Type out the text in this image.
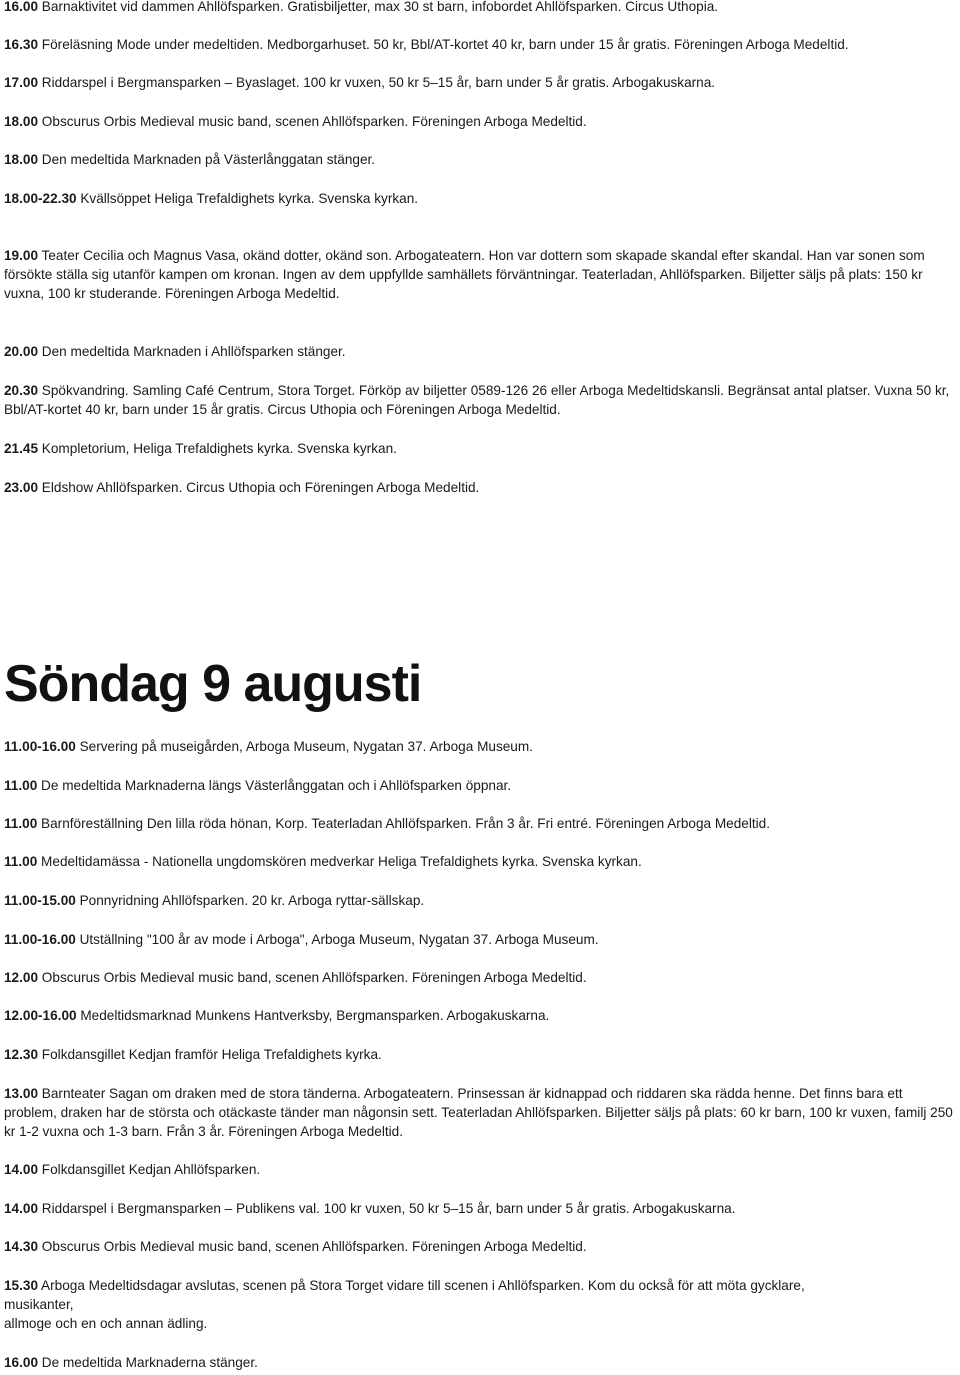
16.00 Barnaktivitet vid dammen Ahllöfsparken. Gratisbiljetter, max 30 st barn, infobordet Ahllöfsparken. Circus Uthopia.

16.30 Föreläsning Mode under medeltiden. Medborgarhuset. 50 kr, Bbl/AT-kortet 40 kr, barn under 15 år gratis. Föreningen Arboga Medeltid.

17.00 Riddarspel i Bergmansparken – Byaslaget. 100 kr vuxen, 50 kr 5–15 år, barn under 5 år gratis. Arbogakuskarna.

18.00 Obscurus Orbis Medieval music band, scenen Ahllöfsparken. Föreningen Arboga Medeltid.

18.00 Den medeltida Marknaden på Västerlånggatan stänger.

18.00-22.30 Kvällsöppet Heliga Trefaldighets kyrka. Svenska kyrkan.

19.00 Teater Cecilia och Magnus Vasa, okänd dotter, okänd son. Arbogateatern. Hon var dottern som skapade skandal efter skandal. Han var sonen som försökte ställa sig utanför kampen om kronan. Ingen av dem uppfyllde samhällets förväntningar. Teaterladan, Ahllöfsparken. Biljetter säljs på plats: 150 kr vuxna, 100 kr studerande. Föreningen Arboga Medeltid.

20.00 Den medeltida Marknaden i Ahllöfsparken stänger.

20.30 Spökvandring. Samling Café Centrum, Stora Torget. Förköp av biljetter 0589-126 26 eller Arboga Medeltidskansli. Begränsat antal platser. Vuxna 50 kr, Bbl/AT-kortet 40 kr, barn under 15 år gratis. Circus Uthopia och Föreningen Arboga Medeltid.

21.45 Kompletorium, Heliga Trefaldighets kyrka. Svenska kyrkan.

23.00 Eldshow Ahllöfsparken. Circus Uthopia och Föreningen Arboga Medeltid.

Söndag 9 augusti

11.00-16.00 Servering på museigården, Arboga Museum, Nygatan 37. Arboga Museum.

11.00 De medeltida Marknaderna längs Västerlånggatan och i Ahllöfsparken öppnar.

11.00 Barnföreställning Den lilla röda hönan, Korp. Teaterladan Ahllöfsparken. Från 3 år. Fri entré. Föreningen Arboga Medeltid.

11.00 Medeltidamässa - Nationella ungdomskören medverkar Heliga Trefaldighets kyrka. Svenska kyrkan.

11.00-15.00 Ponnyridning Ahllöfsparken. 20 kr. Arboga ryttar-sällskap.

11.00-16.00 Utställning "100 år av mode i Arboga", Arboga Museum, Nygatan 37. Arboga Museum.

12.00 Obscurus Orbis Medieval music band, scenen Ahllöfsparken. Föreningen Arboga Medeltid.

12.00-16.00 Medeltidsmarknad Munkens Hantverksby, Bergmansparken. Arbogakuskarna.

12.30 Folkdansgillet Kedjan framför Heliga Trefaldighets kyrka.

13.00 Barnteater Sagan om draken med de stora tänderna. Arbogateatern. Prinsessan är kidnappad och riddaren ska rädda henne. Det finns bara ett problem, draken har de största och otäckaste tänder man någonsin sett. Teaterladan Ahllöfsparken. Biljetter säljs på plats: 60 kr barn, 100 kr vuxen, familj 250 kr 1-2 vuxna och 1-3 barn. Från 3 år. Föreningen Arboga Medeltid.

14.00 Folkdansgillet Kedjan Ahllöfsparken.

14.00 Riddarspel i Bergmansparken – Publikens val. 100 kr vuxen, 50 kr 5–15 år, barn under 5 år gratis. Arbogakuskarna.

14.30 Obscurus Orbis Medieval music band, scenen Ahllöfsparken. Föreningen Arboga Medeltid.

15.30 Arboga Medeltidsdagar avslutas, scenen på Stora Torget vidare till scenen i Ahllöfsparken. Kom du också för att möta gycklare,
musikanter,
allmoge och en och annan ädling.

16.00 De medeltida Marknaderna stänger.
